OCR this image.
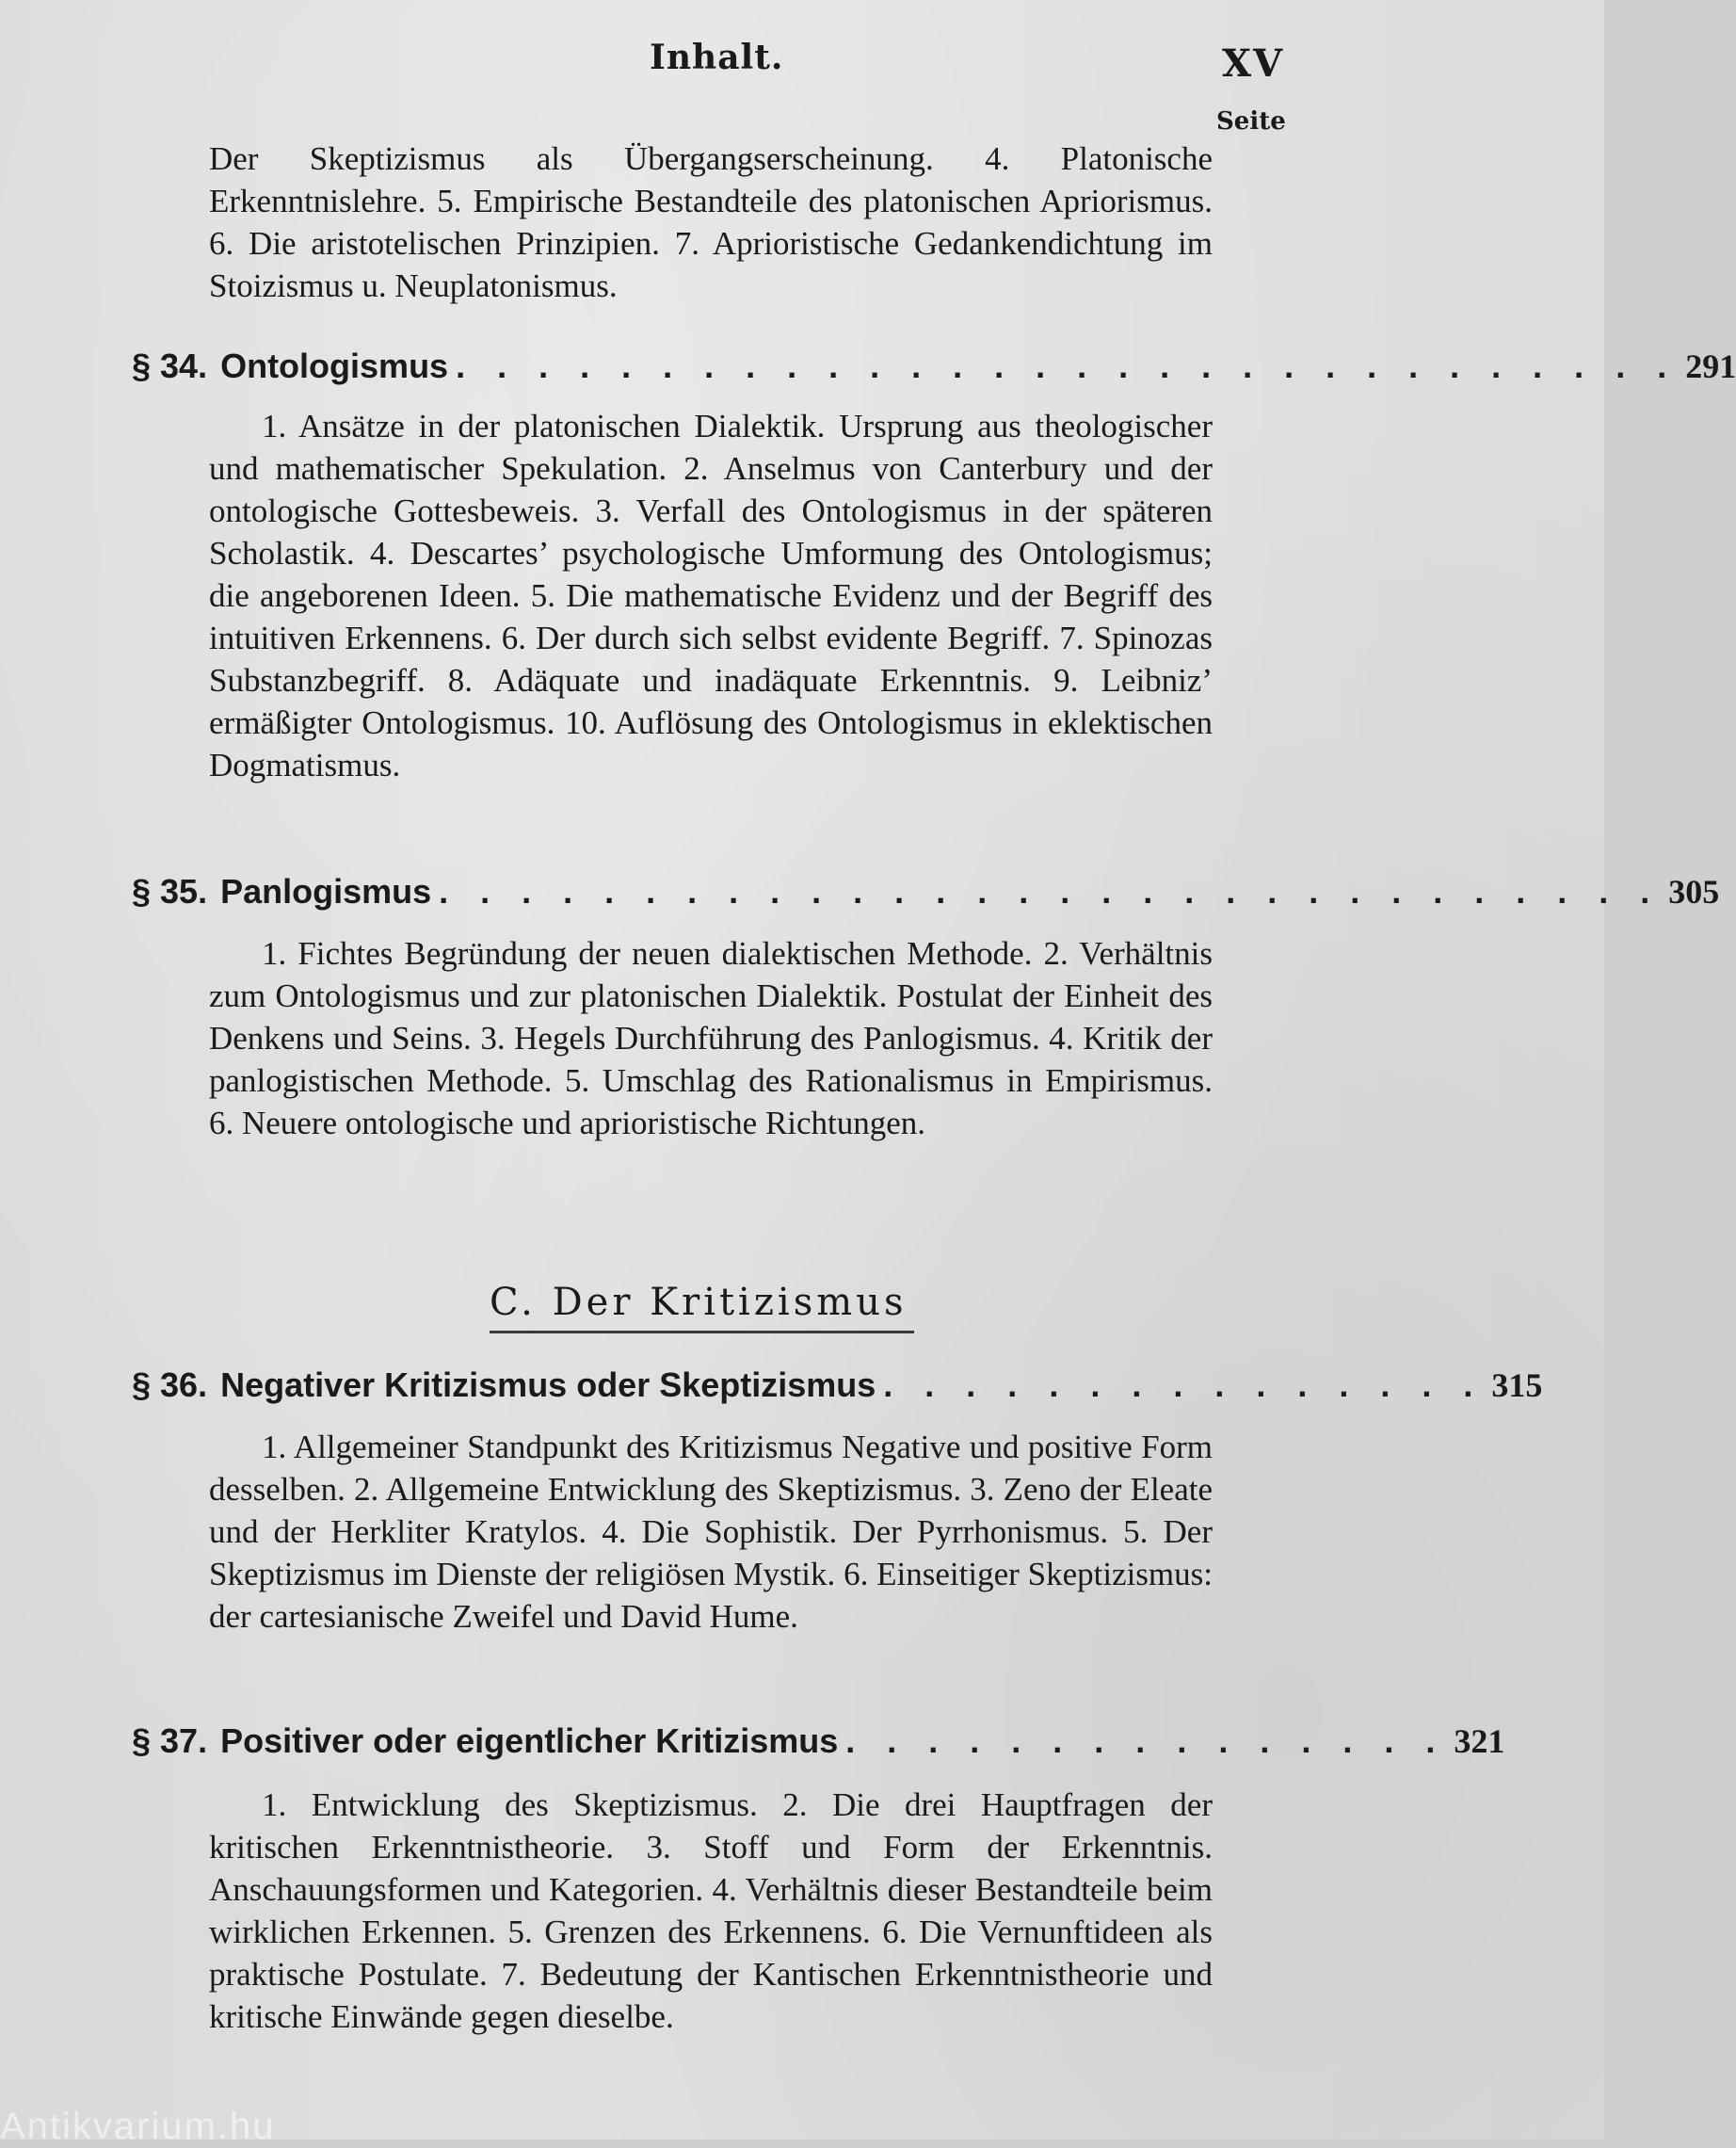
Inhalt.	XV
Seite
Der Skeptizismus als Übergangserscheinung. 4. Platonische Erkenntnislehre. 5. Empirische Bestandteile des platonischen Apriorismus. 6. Die aristotelischen Prinzipien. 7. Aprioristische Gedankendichtung im Stoizismus u. Neuplatonismus.
§ 34. Ontologismus . . . . . . . . . . . . . . . . . . . . . . . . . . . . . . 291
1. Ansätze in der platonischen Dialektik. Ursprung aus theologischer und mathematischer Spekulation. 2. Anselmus von Canterbury und der ontologische Gottesbeweis. 3. Verfall des Ontologismus in der späteren Scholastik. 4. Descartes’ psychologische Umformung des Ontologismus; die angeborenen Ideen. 5. Die mathematische Evidenz und der Begriff des intuitiven Erkennens. 6. Der durch sich selbst evidente Begriff. 7. Spinozas Substanzbegriff. 8. Adäquate und inadäquate Erkenntnis. 9. Leibniz’ ermäßigter Ontologismus. 10. Auflösung des Ontologismus in eklektischen Dogmatismus.
§ 35. Panlogismus . . . . . . . . . . . . . . . . . . . . . . . . . . . . . . 305
1. Fichtes Begründung der neuen dialektischen Methode. 2. Verhältnis zum Ontologismus und zur platonischen Dialektik. Postulat der Einheit des Denkens und Seins. 3. Hegels Durchführung des Panlogismus. 4. Kritik der panlogistischen Methode. 5. Umschlag des Rationalismus in Empirismus. 6. Neuere ontologische und aprioristische Richtungen.
C. Der Kritizismus
§ 36. Negativer Kritizismus oder Skeptizismus . . . . . . . . . . . . . . . 315
1. Allgemeiner Standpunkt des Kritizismus Negative und positive Form desselben. 2. Allgemeine Entwicklung des Skeptizismus. 3. Zeno der Eleate und der Herkliter Kratylos. 4. Die Sophistik. Der Pyrrhonismus. 5. Der Skeptizismus im Dienste der religiösen Mystik. 6. Einseitiger Skeptizismus: der cartesianische Zweifel und David Hume.
§ 37. Positiver oder eigentlicher Kritizismus . . . . . . . . . . . . . . . 321
1. Entwicklung des Skeptizismus. 2. Die drei Hauptfragen der kritischen Erkenntnistheorie. 3. Stoff und Form der Erkenntnis. Anschauungsformen und Kategorien. 4. Verhältnis dieser Bestandteile beim wirklichen Erkennen. 5. Grenzen des Erkennens. 6. Die Vernunftideen als praktische Postulate. 7. Bedeutung der Kantischen Erkenntnistheorie und kritische Einwände gegen dieselbe.
Antikvarium.hu
